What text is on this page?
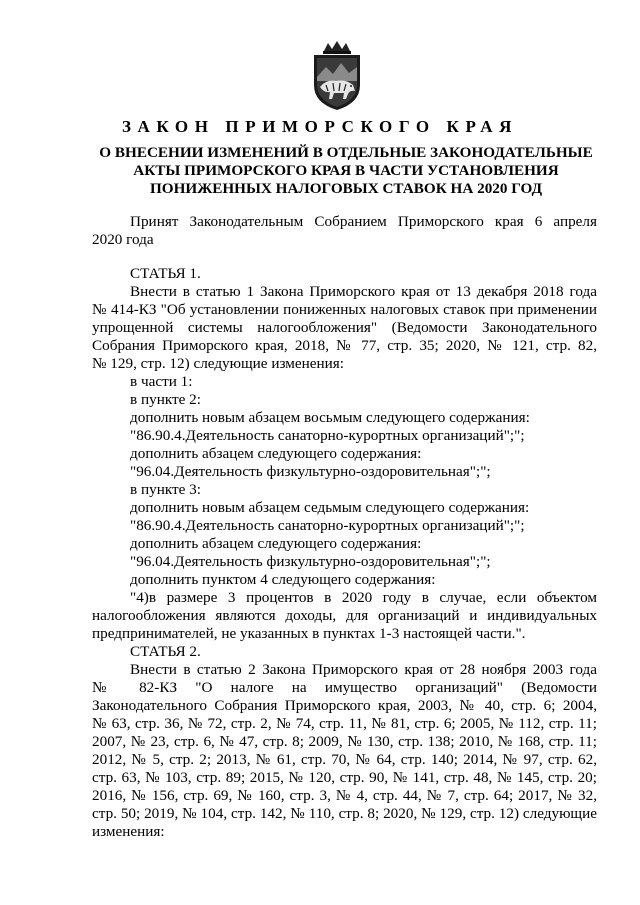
ЗАКОН ПРИМОРСКОГО КРАЯ
О ВНЕСЕНИИ ИЗМЕНЕНИЙ В ОТДЕЛЬНЫЕ ЗАКОНОДАТЕЛЬНЫЕ
АКТЫ ПРИМОРСКОГО КРАЯ В ЧАСТИ УСТАНОВЛЕНИЯ
ПОНИЖЕННЫХ НАЛОГОВЫХ СТАВОК НА 2020 ГОД
Принят Законодательным Собранием Приморского края 6 апреля
2020 года
СТАТЬЯ 1.
Внести в статью 1 Закона Приморского края от 13 декабря 2018 года
№ 414-КЗ "Об установлении пониженных налоговых ставок при применении
упрощенной системы налогообложения" (Ведомости Законодательного
Собрания Приморского края, 2018, № 77, стр. 35; 2020, № 121, стр. 82,
№ 129, стр. 12) следующие изменения:
в части 1:
в пункте 2:
дополнить новым абзацем восьмым следующего содержания:
"86.90.4.Деятельность санаторно-курортных организаций";";
дополнить абзацем следующего содержания:
"96.04.Деятельность физкультурно-оздоровительная";";
в пункте 3:
дополнить новым абзацем седьмым следующего содержания:
"86.90.4.Деятельность санаторно-курортных организаций";";
дополнить абзацем следующего содержания:
"96.04.Деятельность физкультурно-оздоровительная";";
дополнить пунктом 4 следующего содержания:
"4)в размере 3 процентов в 2020 году в случае, если объектом
налогообложения являются доходы, для организаций и индивидуальных
предпринимателей, не указанных в пунктах 1-3 настоящей части.".
СТАТЬЯ 2.
Внести в статью 2 Закона Приморского края от 28 ноября 2003 года
№ 82-КЗ "О налоге на имущество организаций" (Ведомости
Законодательного Собрания Приморского края, 2003, № 40, стр. 6; 2004,
№ 63, стр. 36, № 72, стр. 2, № 74, стр. 11, № 81, стр. 6; 2005, № 112, стр. 11;
2007, № 23, стр. 6, № 47, стр. 8; 2009, № 130, стр. 138; 2010, № 168, стр. 11;
2012, № 5, стр. 2; 2013, № 61, стр. 70, № 64, стр. 140; 2014, № 97, стр. 62,
стр. 63, № 103, стр. 89; 2015, № 120, стр. 90, № 141, стр. 48, № 145, стр. 20;
2016, № 156, стр. 69, № 160, стр. 3, № 4, стр. 44, № 7, стр. 64; 2017, № 32,
стр. 50; 2019, № 104, стр. 142, № 110, стр. 8; 2020, № 129, стр. 12) следующие
изменения:
